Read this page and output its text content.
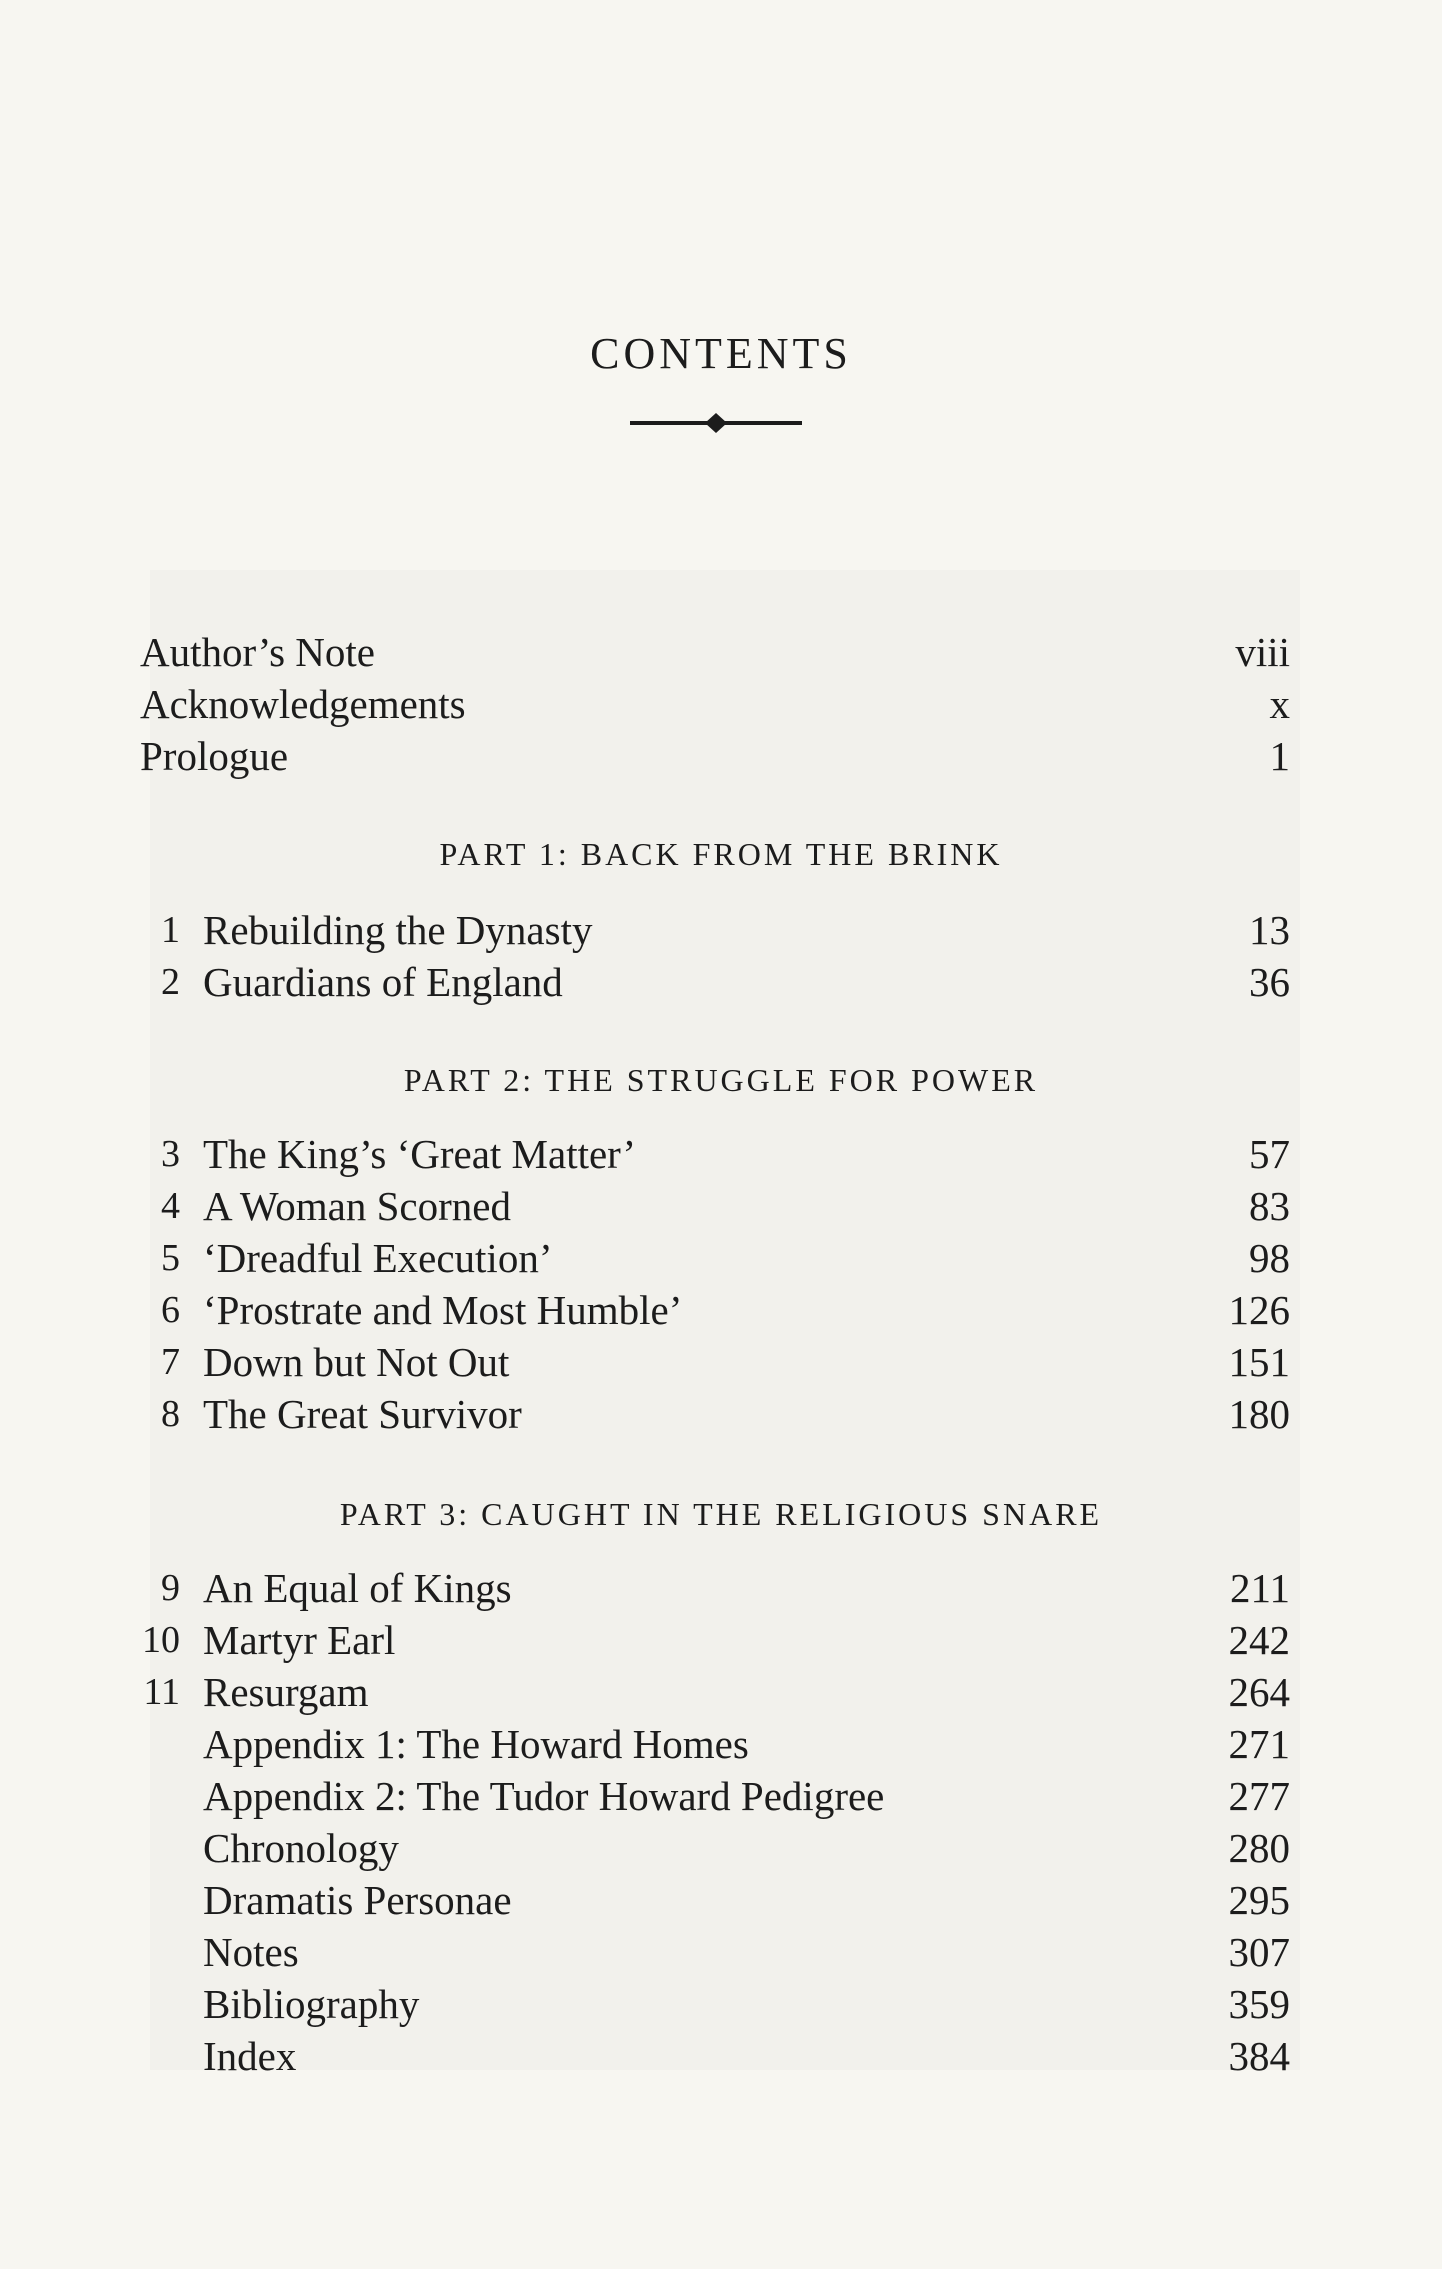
CONTENTS
Author’s Note	viii
Acknowledgements	x
Prologue	1
PART 1: BACK FROM THE BRINK
1 Rebuilding the Dynasty	13
2 Guardians of England	36
PART 2: THE STRUGGLE FOR POWER
3 The King’s ‘Great Matter’	57
4 A Woman Scorned	83
5 ‘Dreadful Execution’	98
6 ‘Prostrate and Most Humble’	126
7 Down but Not Out	151
8 The Great Survivor	180
PART 3: CAUGHT IN THE RELIGIOUS SNARE
9 An Equal of Kings	211
10 Martyr Earl	242
11 Resurgam	264
Appendix 1: The Howard Homes	271
Appendix 2: The Tudor Howard Pedigree	277
Chronology	280
Dramatis Personae	295
Notes	307
Bibliography	359
Index	384
